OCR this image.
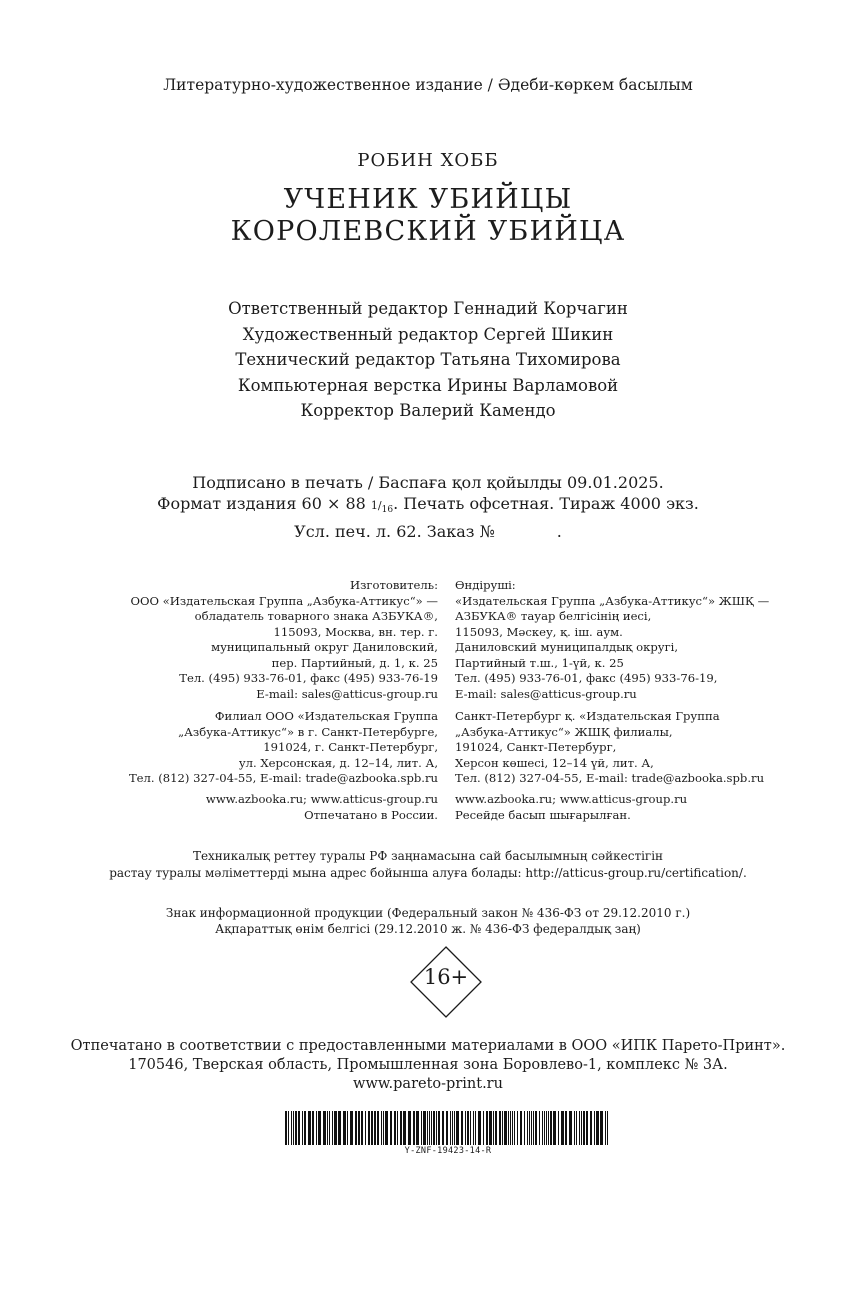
Литературно-художественное издание / Әдеби-көркем басылым
РОБИН ХОББ
УЧЕНИК УБИЙЦЫ
КОРОЛЕВСКИЙ УБИЙЦА
Ответственный редактор Геннадий Корчагин
Художественный редактор Сергей Шикин
Технический редактор Татьяна Тихомирова
Компьютерная верстка Ирины Варламовой
Корректор Валерий Камендо
Подписано в печать / Баспаға қол қойылды 09.01.2025.
Формат издания 60 × 88 $1/_{16}$. Печать офсетная. Тираж 4000 экз.
Усл. печ. л. 62. Заказ №	.
Изготовитель:
ООО «Издательская Группа „Азбука-Аттикус“» —
обладатель товарного знака АЗБУКА®,
115093, Москва, вн. тер. г.
муниципальный округ Даниловский,
пер. Партийный, д. 1, к. 25
Тел. (495) 933-76-01, факс (495) 933-76-19
E-mail: sales@atticus-group.ru
Өндіруші:
«Издательская Группа „Азбука-Аттикус“» ЖШҚ —
АЗБУКА® тауар белгісінің иесі,
115093, Мәскеу, қ. іш. аум.
Даниловский муниципалдық округі,
Партийный т.ш., 1-үй, к. 25
Тел. (495) 933-76-01, факс (495) 933-76-19,
E-mail: sales@atticus-group.ru
Филиал ООО «Издательская Группа
„Азбука-Аттикус“» в г. Санкт-Петербурге,
191024, г. Санкт-Петербург,
ул. Херсонская, д. 12–14, лит. А,
Тел. (812) 327-04-55, E-mail: trade@azbooka.spb.ru
Санкт-Петербург қ. «Издательская Группа
„Азбука-Аттикус“» ЖШҚ филиалы,
191024, Санкт-Петербург,
Херсон көшесі, 12–14 үй, лит. А,
Тел. (812) 327-04-55, E-mail: trade@azbooka.spb.ru
www.azbooka.ru; www.atticus-group.ru
Отпечатано в России.
www.azbooka.ru; www.atticus-group.ru
Ресейде басып шығарылған.
Техникалық реттеу туралы РФ заңнамасына сай басылымның сәйкестігін
растау туралы мәліметтерді мына адрес бойынша алуға болады: http://atticus-group.ru/certification/.
Знак информационной продукции (Федеральный закон № 436-ФЗ от 29.12.2010 г.)
Ақпараттық өнім белгісі (29.12.2010 ж. № 436-ФЗ федералдық заң)
16+
Отпечатано в соответствии с предоставленными материалами в ООО «ИПК Парето-Принт».
170546, Тверская область, Промышленная зона Боровлево-1, комплекс № 3А.
www.pareto-print.ru
Y-ZNF-19423-14-R
